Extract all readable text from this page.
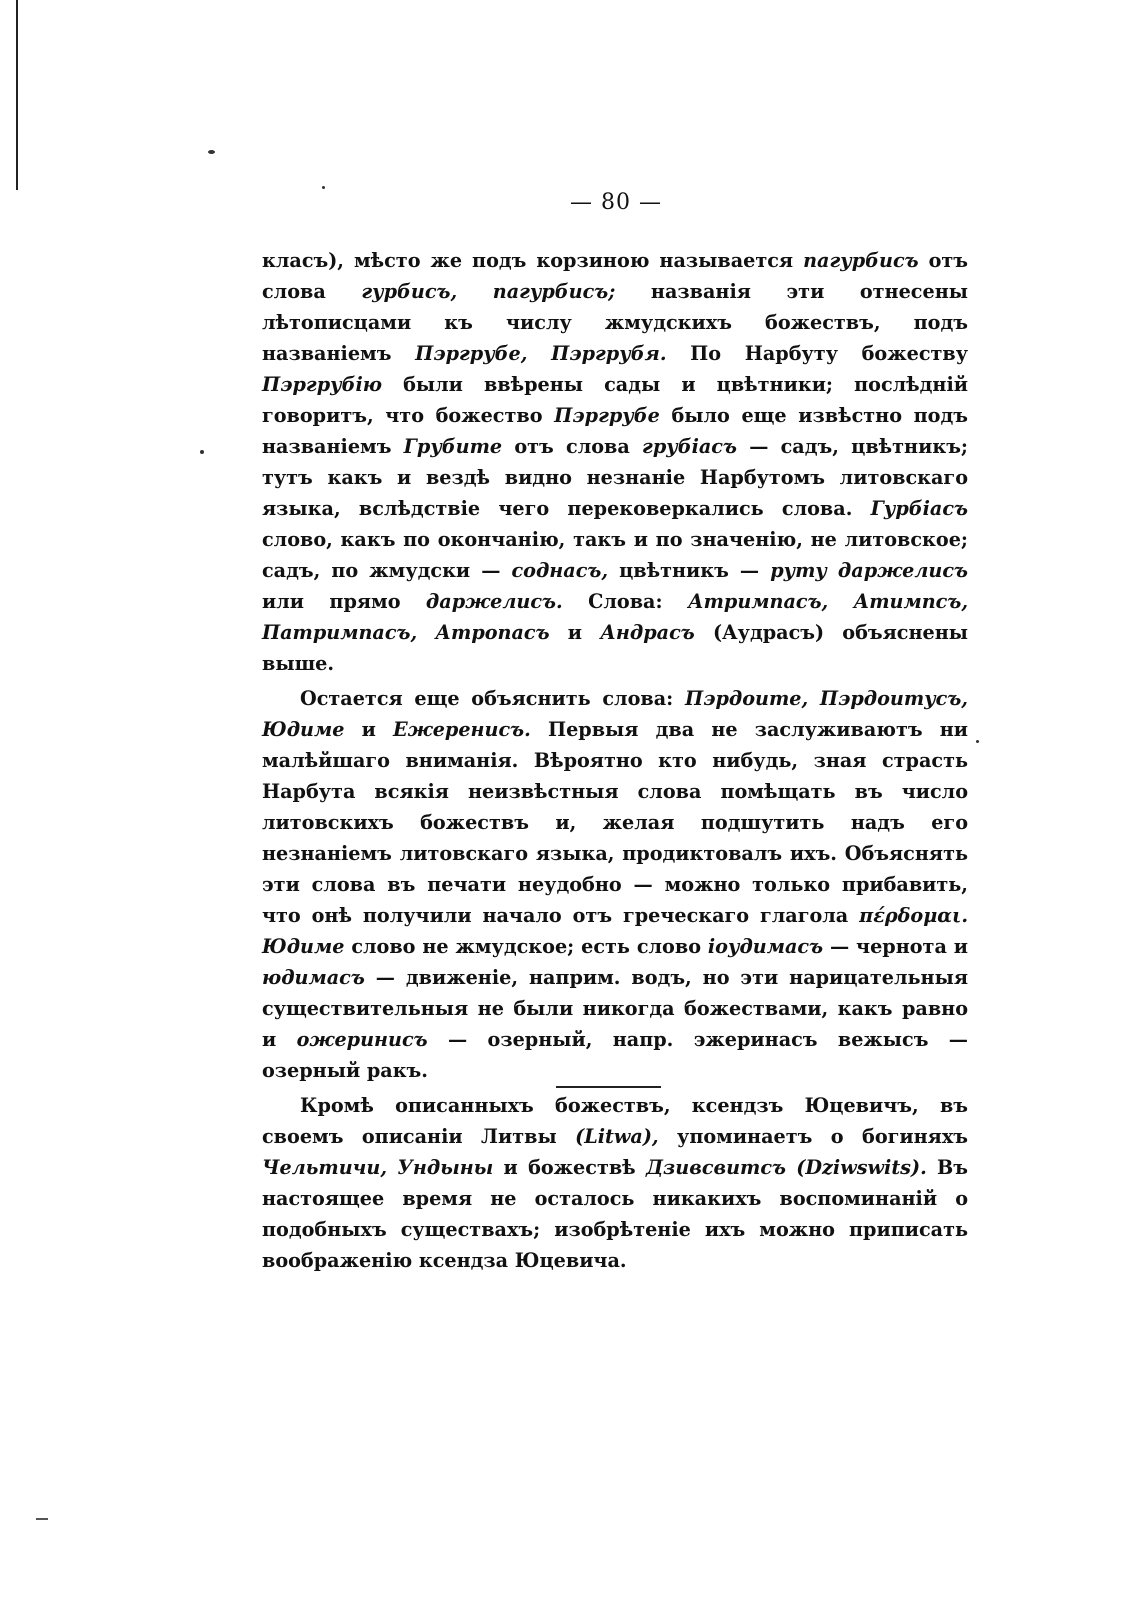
— 80 —

класъ), мѣсто же подъ корзиною называется пагурбисъ отъ слова гурбисъ, пагурбисъ; названія эти отнесены лѣтописцами къ числу жмудскихъ божествъ, подъ названіемъ Пэргрубе, Пэргрубя. По Нарбуту божеству Пэргрубію были ввѣрены сады и цвѣтники; послѣдній говоритъ, что божество Пэргрубе было еще извѣстно подъ названіемъ Грубите отъ слова грубіасъ — садъ, цвѣтникъ; тутъ какъ и вездѣ видно незнаніе Нарбутомъ литовскаго языка, вслѣдствіе чего перековеркались слова. Гурбіасъ слово, какъ по окончанію, такъ и по значенію, не литовское; садъ, по жмудски — соднасъ, цвѣтникъ — руту даржелисъ или прямо даржелисъ. Слова: Атримпасъ, Атимпсъ, Патримпасъ, Атропасъ и Андрасъ (Аудрасъ) объяснены выше.

Остается еще объяснить слова: Пэрдоите, Пэрдоитусъ, Юдиме и Ежеренисъ. Первыя два не заслуживаютъ ни малѣйшаго вниманія. Вѣроятно кто нибудь, зная страсть Нарбута всякія неизвѣстныя слова помѣщать въ число литовскихъ божествъ и, желая подшутить надъ его незнаніемъ литовскаго языка, продиктовалъ ихъ. Объяснять эти слова въ печати неудобно — можно только прибавить, что онѣ получили начало отъ греческаго глагола πέρδομαι. Юдиме слово не жмудское; есть слово іоудимасъ — чернота и юдимасъ — движеніе, наприм. водъ, но эти нарицательныя существительныя не были никогда божествами, какъ равно и ожеринисъ — озерный, напр. эжеринасъ вежысъ — озерный ракъ.

Кромѣ описанныхъ божествъ, ксендзъ Юцевичъ, въ своемъ описаніи Литвы (Litwa), упоминаетъ о богиняхъ Чельтичи, Ундыны и божествѣ Дзивсвитсъ (Dziwswits). Въ настоящее время не осталось никакихъ воспоминаній о подобныхъ существахъ; изобрѣтеніе ихъ можно приписать воображенію ксендза Юцевича.
